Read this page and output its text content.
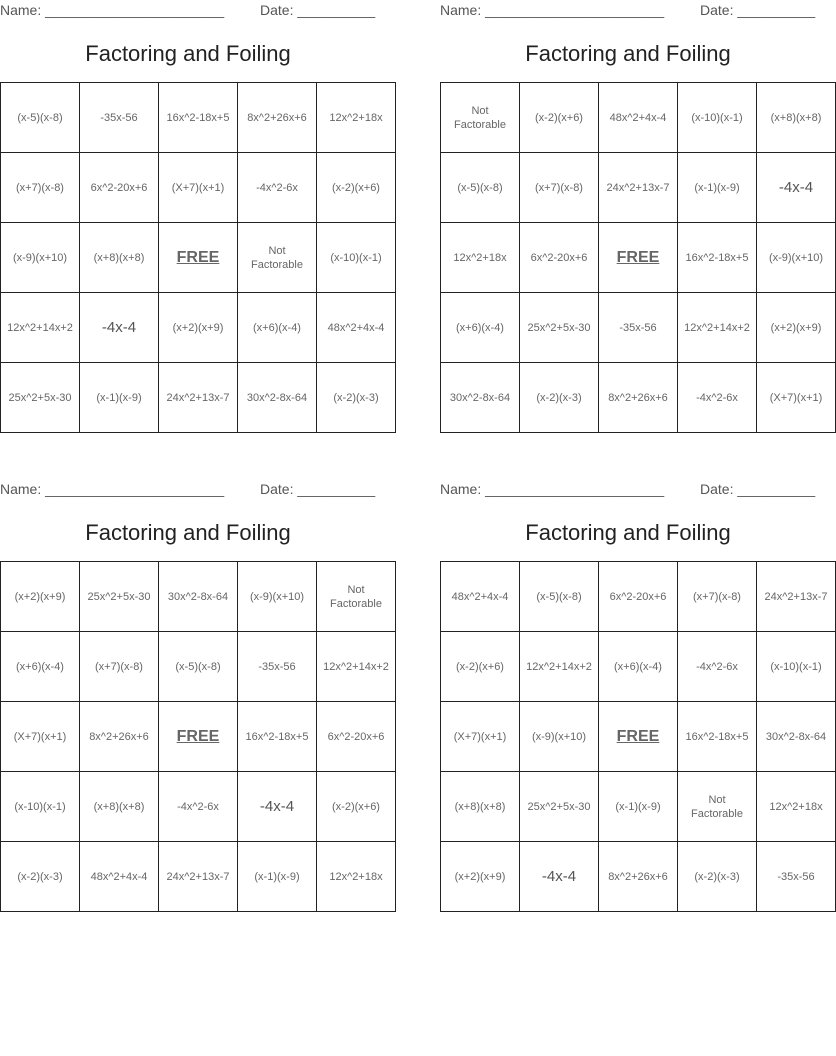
Name: _______________________	Date: __________
Factoring and Foiling
(x-5)(x-8)	-35x-56	16x^2-18x+5	8x^2+26x+6	12x^2+18x
(x+7)(x-8)	6x^2-20x+6	(X+7)(x+1)	-4x^2-6x	(x-2)(x+6)
(x-9)(x+10)	(x+8)(x+8)	FREE	Not
Factorable	(x-10)(x-1)
12x^2+14x+2	-4x-4	(x+2)(x+9)	(x+6)(x-4)	48x^2+4x-4
25x^2+5x-30	(x-1)(x-9)	24x^2+13x-7	30x^2-8x-64	(x-2)(x-3)
Name: _______________________	Date: __________
Factoring and Foiling
Not
Factorable	(x-2)(x+6)	48x^2+4x-4	(x-10)(x-1)	(x+8)(x+8)
(x-5)(x-8)	(x+7)(x-8)	24x^2+13x-7	(x-1)(x-9)	-4x-4
12x^2+18x	6x^2-20x+6	FREE	16x^2-18x+5	(x-9)(x+10)
(x+6)(x-4)	25x^2+5x-30	-35x-56	12x^2+14x+2	(x+2)(x+9)
30x^2-8x-64	(x-2)(x-3)	8x^2+26x+6	-4x^2-6x	(X+7)(x+1)
Name: _______________________	Date: __________
Factoring and Foiling
(x+2)(x+9)	25x^2+5x-30	30x^2-8x-64	(x-9)(x+10)	Not
Factorable
(x+6)(x-4)	(x+7)(x-8)	(x-5)(x-8)	-35x-56	12x^2+14x+2
(X+7)(x+1)	8x^2+26x+6	FREE	16x^2-18x+5	6x^2-20x+6
(x-10)(x-1)	(x+8)(x+8)	-4x^2-6x	-4x-4	(x-2)(x+6)
(x-2)(x-3)	48x^2+4x-4	24x^2+13x-7	(x-1)(x-9)	12x^2+18x
Name: _______________________	Date: __________
Factoring and Foiling
48x^2+4x-4	(x-5)(x-8)	6x^2-20x+6	(x+7)(x-8)	24x^2+13x-7
(x-2)(x+6)	12x^2+14x+2	(x+6)(x-4)	-4x^2-6x	(x-10)(x-1)
(X+7)(x+1)	(x-9)(x+10)	FREE	16x^2-18x+5	30x^2-8x-64
(x+8)(x+8)	25x^2+5x-30	(x-1)(x-9)	Not
Factorable	12x^2+18x
(x+2)(x+9)	-4x-4	8x^2+26x+6	(x-2)(x-3)	-35x-56
